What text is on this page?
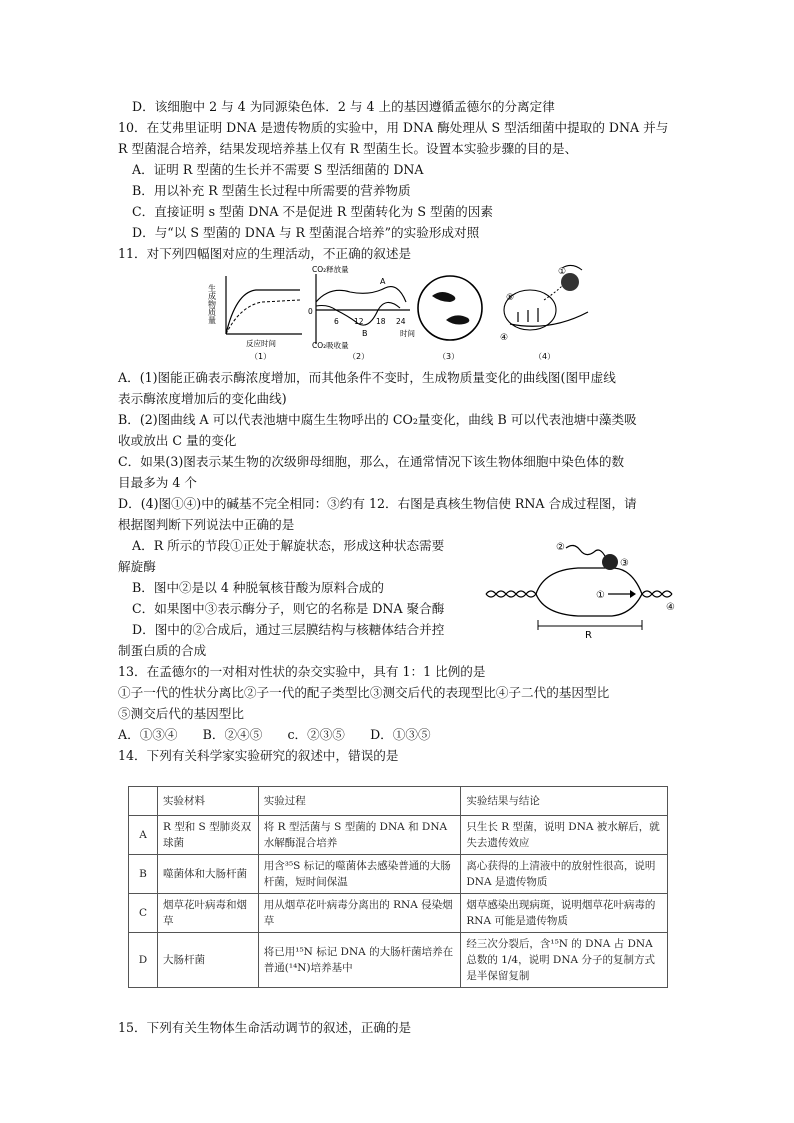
D．该细胞中 2 与 4 为同源染色体．2 与 4 上的基因遵循孟德尔的分离定律
10．在艾弗里证明 DNA 是遗传物质的实验中，用 DNA 酶处理从 S 型活细菌中提取的 DNA 并与
R 型菌混合培养，结果发现培养基上仅有 R 型菌生长。设置本实验步骤的目的是、
A．证明 R 型菌的生长并不需要 S 型活细菌的 DNA
B．用以补充 R 型菌生长过程中所需要的营养物质
C．直接证明 s 型菌 DNA 不是促进 R 型菌转化为 S 型菌的因素
D．与“以 S 型菌的 DNA 与 R 型菌混合培养”的实验形成对照
11．对下列四幅图对应的生理活动，不正确的叙述是
生成物质量
反应时间
（1）
CO₂释放量
0
A
B
6 12 18 24
时间
CO₂吸收量
（2）	（3）
①
⑤
④
（4）
A．(1)图能正确表示酶浓度增加，而其他条件不变时，生成物质量变化的曲线图(图甲虚线
表示酶浓度增加后的变化曲线)
B．(2)图曲线 A 可以代表池塘中腐生生物呼出的 CO₂量变化，曲线 B 可以代表池塘中藻类吸
收或放出 C 量的变化
C．如果(3)图表示某生物的次级卵母细胞，那么，在通常情况下该生物体细胞中染色体的数
目最多为 4 个
D．(4)图①④)中的碱基不完全相同：③约有 12．右图是真核生物信使 RNA 合成过程图，请
根据图判断下列说法中正确的是
A．R 所示的节段①正处于解旋状态，形成这种状态需要
解旋酶
B．图中②是以 4 种脱氧核苷酸为原料合成的
C．如果图中③表示酶分子，则它的名称是 DNA 聚合酶
D．图中的②合成后，通过三层膜结构与核糖体结合并控
制蛋白质的合成
②
③
①
④
R
13．在孟德尔的一对相对性状的杂交实验中，具有 1：1 比例的是
①子一代的性状分离比②子一代的配子类型比③测交后代的表现型比④子二代的基因型比
⑤测交后代的基因型比
A．①③④　　B．②④⑤　　c．②③⑤　　D．①③⑤
14．下列有关科学家实验研究的叙述中，错误的是
	实验材料	实验过程	实验结果与结论
A	R 型和 S 型肺炎双球菌	将 R 型活菌与 S 型菌的 DNA 和 DNA 水解酶混合培养	只生长 R 型菌，说明 DNA 被水解后，就失去遗传效应
B	噬菌体和大肠杆菌	用含³⁵S 标记的噬菌体去感染普通的大肠杆菌，短时间保温	离心获得的上清液中的放射性很高，说明 DNA 是遗传物质
C	烟草花叶病毒和烟草	用从烟草花叶病毒分离出的 RNA 侵染烟草	烟草感染出现病斑，说明烟草花叶病毒的 RNA 可能是遗传物质
D	大肠杆菌	将已用¹⁵N 标记 DNA 的大肠杆菌培养在普通(¹⁴N)培养基中	经三次分裂后，含¹⁵N 的 DNA 占 DNA 总数的 1/4，说明 DNA 分子的复制方式是半保留复制
15．下列有关生物体生命活动调节的叙述，正确的是
